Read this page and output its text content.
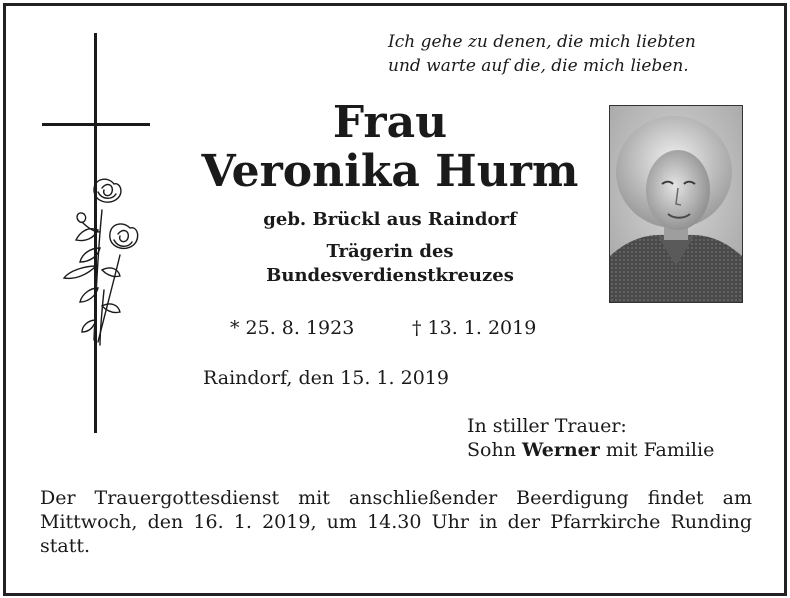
Ich gehe zu denen, die mich liebten
und warte auf die, die mich lieben.
Frau
Veronika Hurm
geb. Brückl aus Raindorf
Trägerin des
Bundesverdienstkreuzes
* 25. 8. 1923	† 13. 1. 2019
Raindorf, den 15. 1. 2019
In stiller Trauer:
Sohn Werner mit Familie
Der Trauergottesdienst mit anschließender Beerdigung findet am Mittwoch, den 16. 1. 2019, um 14.30 Uhr in der Pfarrkirche Runding statt.
